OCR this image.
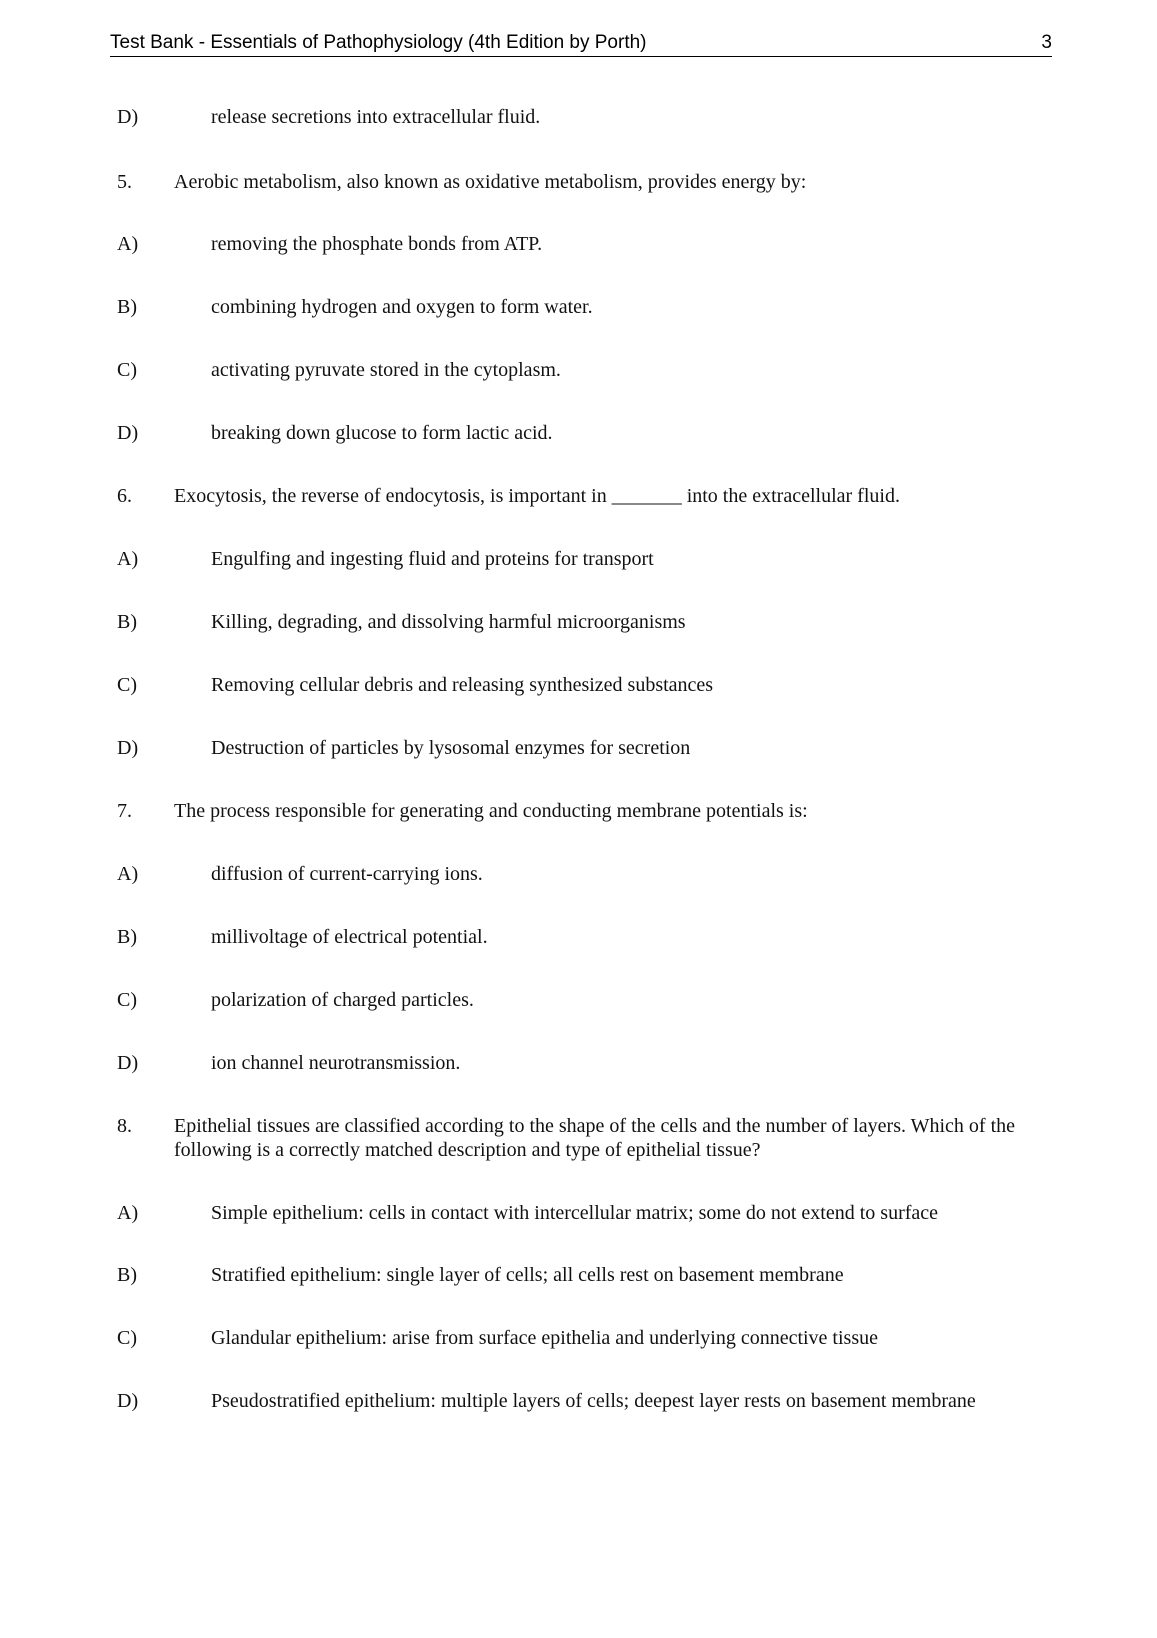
Test Bank - Essentials of Pathophysiology (4th Edition by Porth)	3
D)	release secretions into extracellular fluid.
5. Aerobic metabolism, also known as oxidative metabolism, provides energy by:
A)	removing the phosphate bonds from ATP.
B)	combining hydrogen and oxygen to form water.
C)	activating pyruvate stored in the cytoplasm.
D)	breaking down glucose to form lactic acid.
6. Exocytosis, the reverse of endocytosis, is important in _______ into the extracellular fluid.
A)	Engulfing and ingesting fluid and proteins for transport
B)	Killing, degrading, and dissolving harmful microorganisms
C)	Removing cellular debris and releasing synthesized substances
D)	Destruction of particles by lysosomal enzymes for secretion
7. The process responsible for generating and conducting membrane potentials is:
A)	diffusion of current-carrying ions.
B)	millivoltage of electrical potential.
C)	polarization of charged particles.
D)	ion channel neurotransmission.
8. Epithelial tissues are classified according to the shape of the cells and the number of layers. Which of the following is a correctly matched description and type of epithelial tissue?
A)	Simple epithelium: cells in contact with intercellular matrix; some do not extend to surface
B)	Stratified epithelium: single layer of cells; all cells rest on basement membrane
C)	Glandular epithelium: arise from surface epithelia and underlying connective tissue
D)	Pseudostratified epithelium: multiple layers of cells; deepest layer rests on basement membrane
